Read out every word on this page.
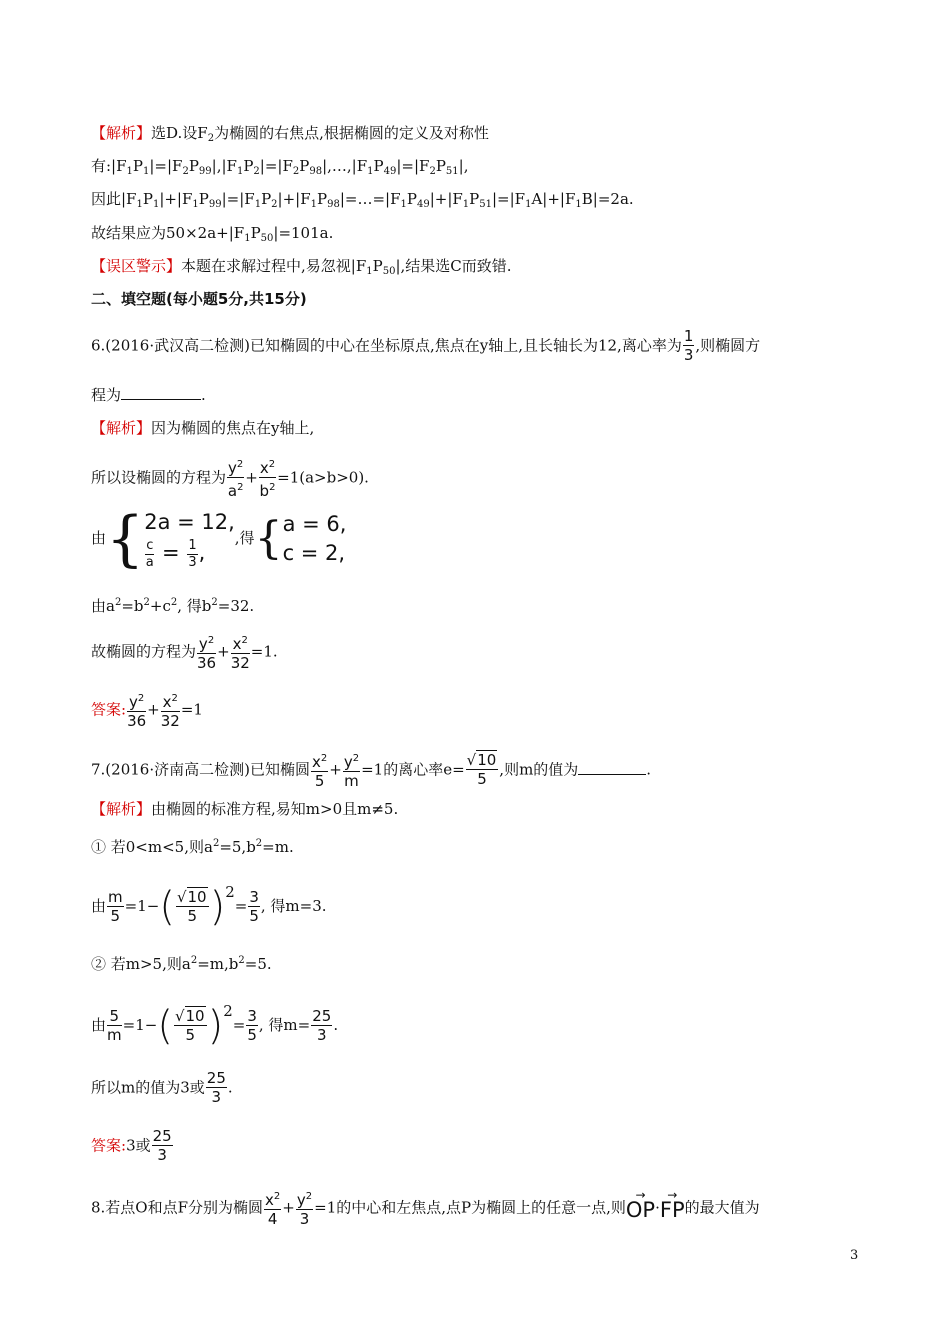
【解析】选D.设$F_2$为椭圆的右焦点,根据椭圆的定义及对称性
有$:|F_1P_1|=|F_2P_{99}|,|F_1P_2|=|F_2P_{98}|,\dots,|F_1P_{49}|=|F_2P_{51}|$,
因此$|F_1P_1|+|F_1P_{99}|=|F_1P_2|+|F_1P_{98}|=\dots=|F_1P_{49}|+|F_1P_{51}|=|F_1A|+|F_1B|=2a$.
故结果应为$50\times 2a+|F_1P_{50}|=101a$.
【误区警示】本题在求解过程中,易忽视$|F_1P_{50}|$,结果选C而致错.
二、填空题(每小题5分,共15分)
6.(2016·武汉高二检测)已知椭圆的中心在坐标原点,焦点在y轴上,且长轴长为12,离心率为 $\frac{1}{3}$ ,则椭圆方
程为	.
【解析】因为椭圆的焦点在y轴上,
所以设椭圆的方程为 $\frac{y^2}{a^2} + \frac{x^2}{b^2} =1(a>b>0)$.
由{ 2a = 12,
$\frac{c}{a} = \frac{1}{3}$ ,
,得{ a = 6,
c = 2,
由$a^2=b^2+c^2$, 得$b^2=32$.
故椭圆的方程为 $\frac{y^2}{36} + \frac{x^2}{32} =1$.
答案: $\frac{y^2}{36} + \frac{x^2}{32} =1$
7.(2016·济南高二检测)已知椭圆 $\frac{x^2}{5} + \frac{y^2}{m} =1$的离心率$e= \frac{√10}{5}$ ,则m的值为	.
【解析】由椭圆的标准方程,易知m>0且m≠5.
① 若0<m<5,则$a^2=5,b^2=m$.
由 $\frac{m}{5} =1-( \frac{√10}{5} )2= \frac{3}{5}$ , 得m=3.
② 若m>5,则$a^2=m,b^2=5$.
由 $\frac{5}{m} =1-( \frac{√10}{5} )2= \frac{3}{5}$ , 得$m= \frac{25}{3}$ .
所以m的值为3或 $\frac{25}{3}$ .
答案:3或 $\frac{25}{3}$
8.若点O和点F分别为椭圆 $\frac{x^2}{4} + \frac{y^2}{3} =1$的中心和左焦点,点P为椭圆上的任意一点,则
→
OP ·
→
FP 的最大值为
3
